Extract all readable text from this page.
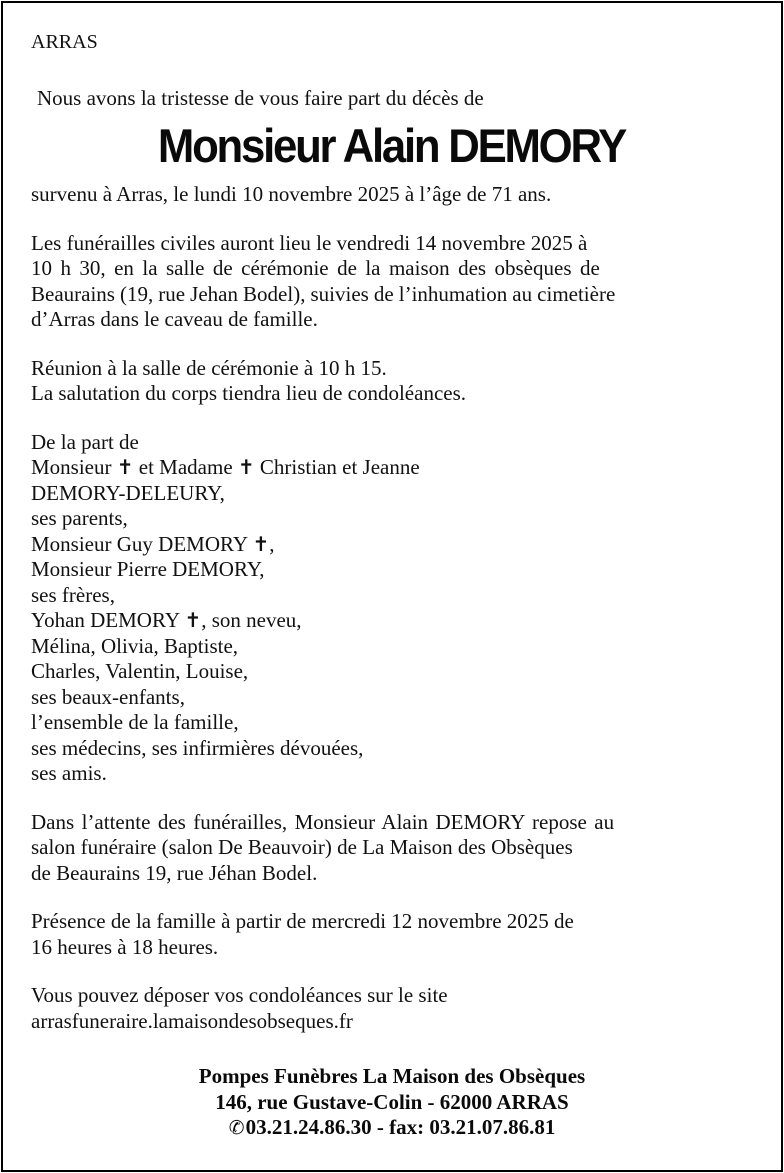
ARRAS
Nous avons la tristesse de vous faire part du décès de
Monsieur Alain DEMORY

survenu à Arras, le lundi 10 novembre 2025 à l’âge de 71 ans.

Les funérailles civiles auront lieu le vendredi 14 novembre 2025 à
10 h 30, en la salle de cérémonie de la maison des obsèques de
Beaurains (19, rue Jehan Bodel), suivies de l’inhumation au cimetière
d’Arras dans le caveau de famille.

Réunion à la salle de cérémonie à 10 h 15.
La salutation du corps tiendra lieu de condoléances.

De la part de
Monsieur ✝ et Madame ✝ Christian et Jeanne
DEMORY-DELEURY,
ses parents,
Monsieur Guy DEMORY ✝,
Monsieur Pierre DEMORY,
ses frères,
Yohan DEMORY ✝, son neveu,
Mélina, Olivia, Baptiste,
Charles, Valentin, Louise,
ses beaux-enfants,
l’ensemble de la famille,
ses médecins, ses infirmières dévouées,
ses amis.

Dans l’attente des funérailles, Monsieur Alain DEMORY repose au
salon funéraire (salon De Beauvoir) de La Maison des Obsèques
de Beaurains 19, rue Jéhan Bodel.

Présence de la famille à partir de mercredi 12 novembre 2025 de
16 heures à 18 heures.

Vous pouvez déposer vos condoléances sur le site
arrasfuneraire.lamaisondesobseques.fr

Pompes Funèbres La Maison des Obsèques
146, rue Gustave-Colin - 62000 ARRAS
✆03.21.24.86.30 - fax: 03.21.07.86.81
